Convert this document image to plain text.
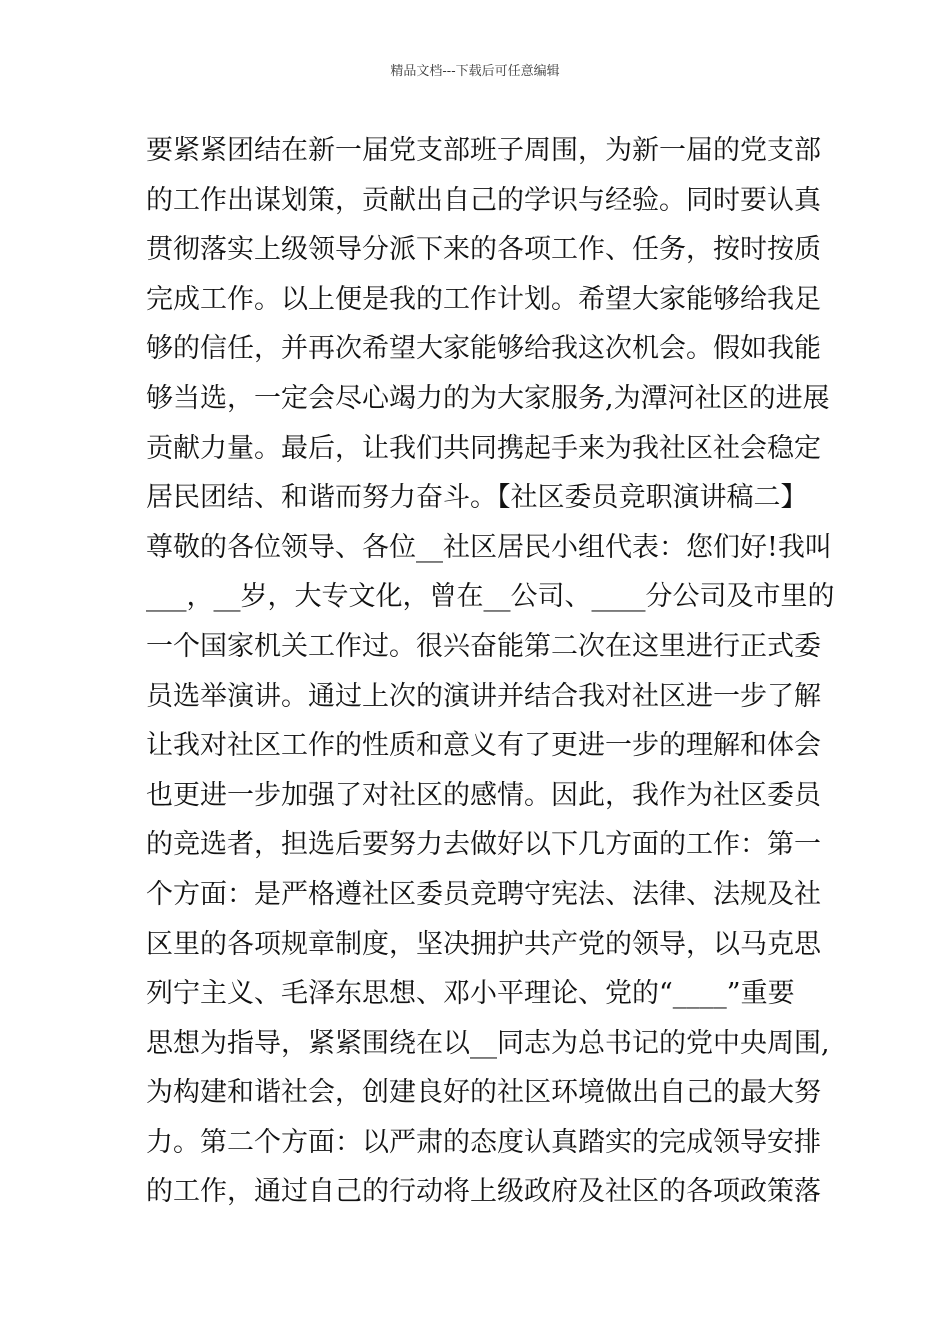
精品文档---下载后可任意编辑
要紧紧团结在新一届党支部班子周围，为新一届的党支部
的工作出谋划策，贡献出自己的学识与经验。同时要认真
贯彻落实上级领导分派下来的各项工作、任务，按时按质
完成工作。以上便是我的工作计划。希望大家能够给我足
够的信任，并再次希望大家能够给我这次机会。假如我能
够当选，一定会尽心竭力的为大家服务,为潭河社区的进展
贡献力量。最后，让我们共同携起手来为我社区社会稳定
居民团结、和谐而努力奋斗。【社区委员竞职演讲稿二】
尊敬的各位领导、各位__社区居民小组代表：您们好!我叫
___，__岁，大专文化，曾在__公司、____分公司及市里的
一个国家机关工作过。很兴奋能第二次在这里进行正式委
员选举演讲。通过上次的演讲并结合我对社区进一步了解
让我对社区工作的性质和意义有了更进一步的理解和体会
也更进一步加强了对社区的感情。因此，我作为社区委员
的竞选者，担选后要努力去做好以下几方面的工作：第一
个方面：是严格遵社区委员竞聘守宪法、法律、法规及社
区里的各项规章制度，坚决拥护共产党的领导，以马克思
列宁主义、毛泽东思想、邓小平理论、党的“____”重要
思想为指导，紧紧围绕在以__同志为总书记的党中央周围,
为构建和谐社会，创建良好的社区环境做出自己的最大努
力。第二个方面：以严肃的态度认真踏实的完成领导安排
的工作，通过自己的行动将上级政府及社区的各项政策落
